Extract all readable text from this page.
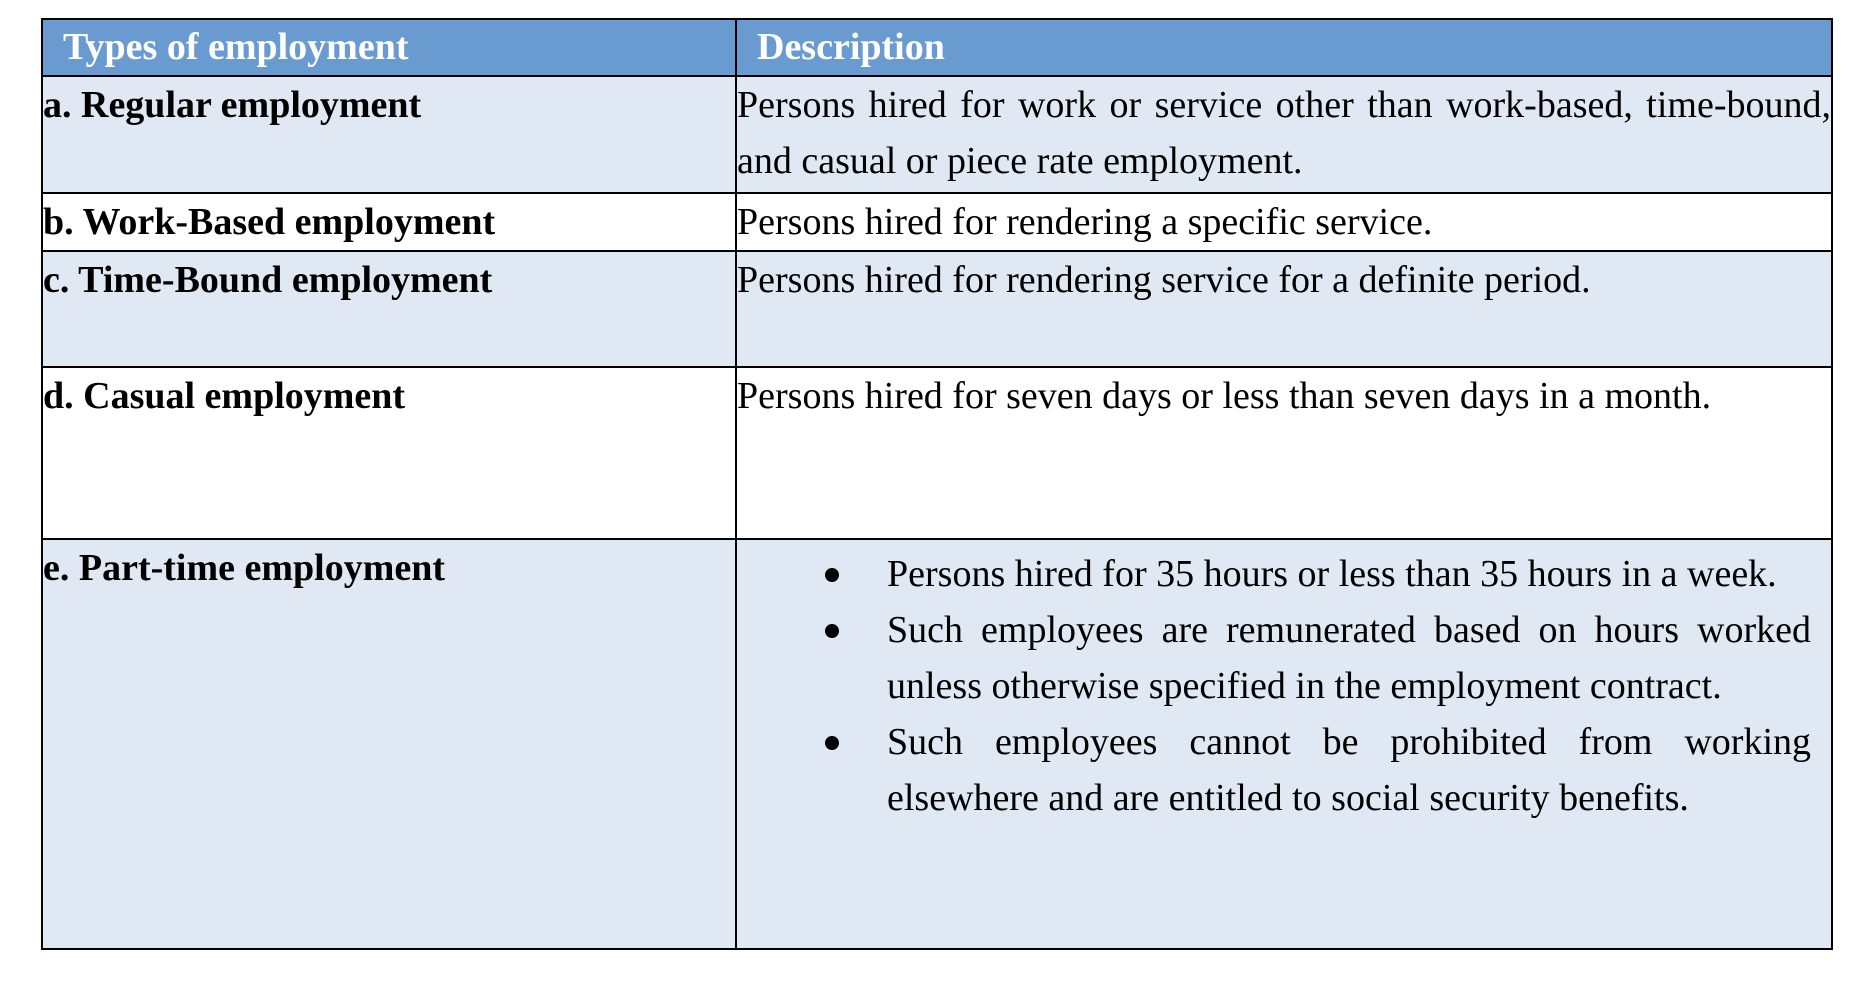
Types of employment	Description
a. Regular employment	Persons hired for work or service other than work-based, time-bound, and casual or piece rate employment.
b. Work-Based employment	Persons hired for rendering a specific service.
c. Time-Bound employment	Persons hired for rendering service for a definite period.
d. Casual employment	Persons hired for seven days or less than seven days in a month.
e. Part-time employment	Persons hired for 35 hours or less than 35 hours in a week.
Such employees are remunerated based on hours worked unless otherwise specified in the employment contract.
Such employees cannot be prohibited from working elsewhere and are entitled to social security benefits.
